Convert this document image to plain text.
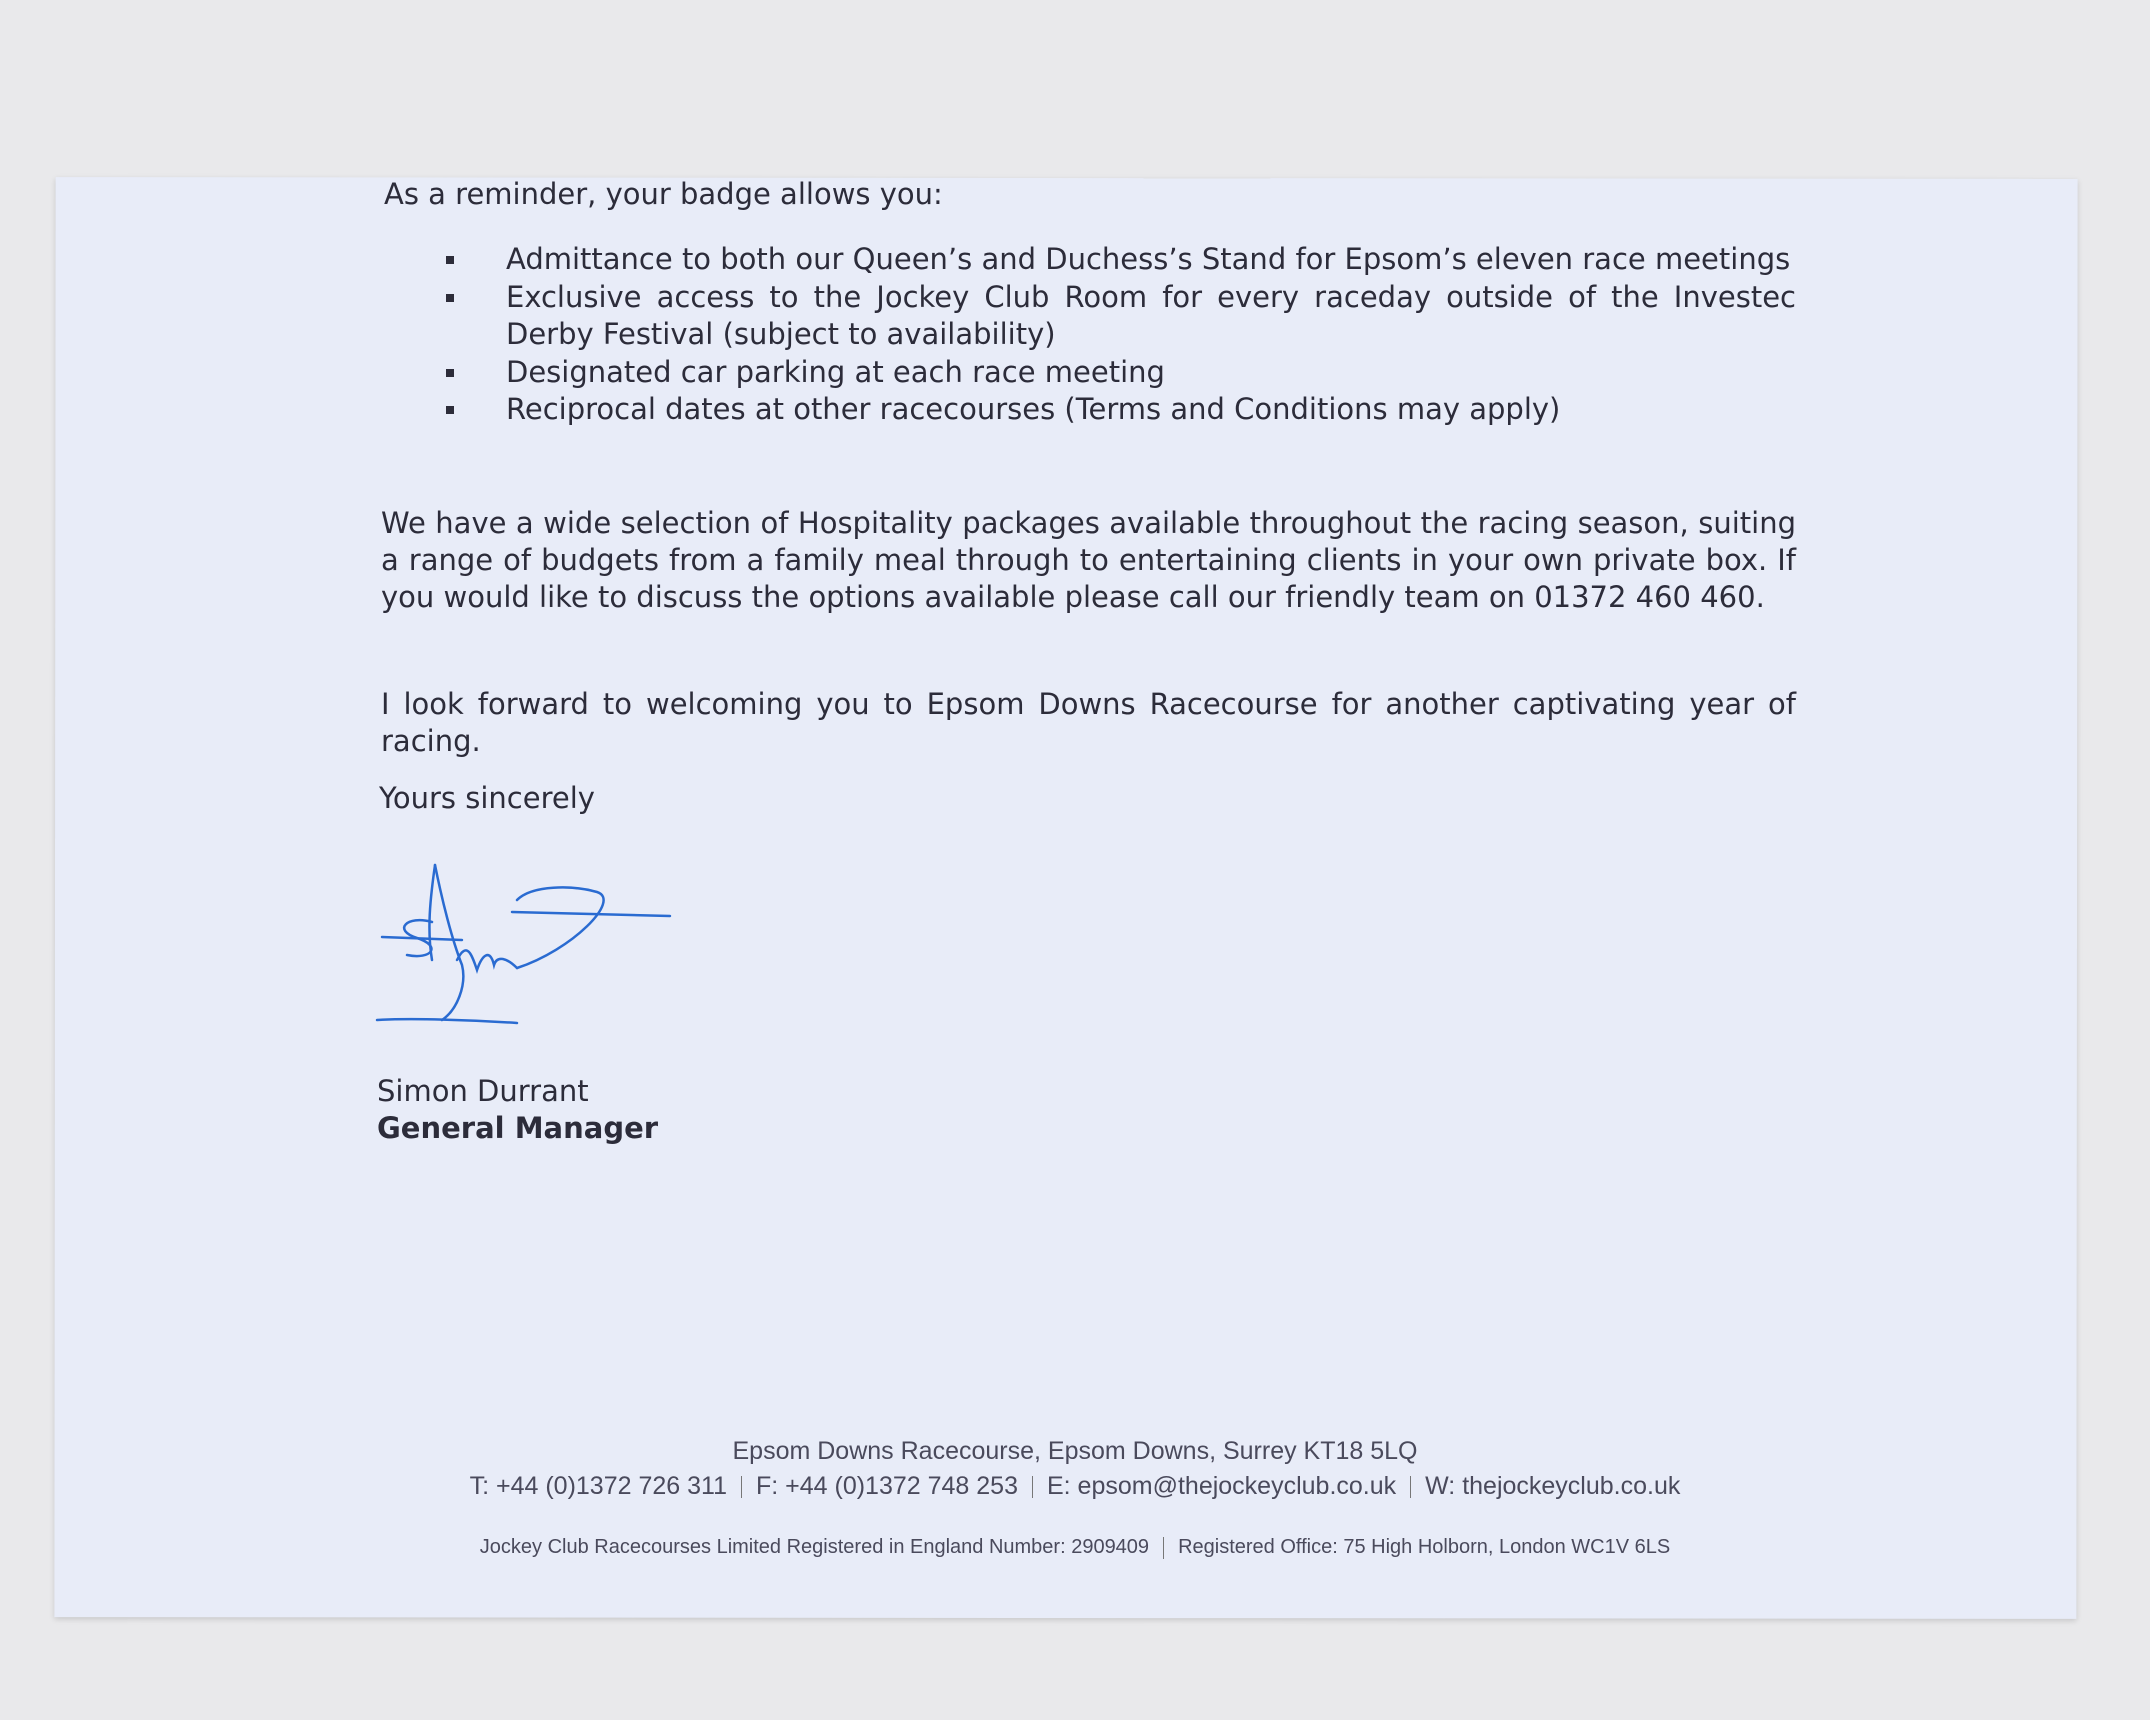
As a reminder, your badge allows you:
Admittance to both our Queen’s and Duchess’s Stand for Epsom’s eleven race meetings
Exclusive access to the Jockey Club Room for every raceday outside of the Investec Derby Festival (subject to availability)
Designated car parking at each race meeting
Reciprocal dates at other racecourses (Terms and Conditions may apply)
We have a wide selection of Hospitality packages available throughout the racing season, suiting a range of budgets from a family meal through to entertaining clients in your own private box. If you would like to discuss the options available please call our friendly team on 01372 460 460.
I look forward to welcoming you to Epsom Downs Racecourse for another captivating year of racing.
Yours sincerely
Simon Durrant
General Manager
Epsom Downs Racecourse, Epsom Downs, Surrey KT18 5LQ
T: +44 (0)1372 726 311 F: +44 (0)1372 748 253 E: epsom@thejockeyclub.co.uk W: thejockeyclub.co.uk
Jockey Club Racecourses Limited Registered in England Number: 2909409 Registered Office: 75 High Holborn, London WC1V 6LS
